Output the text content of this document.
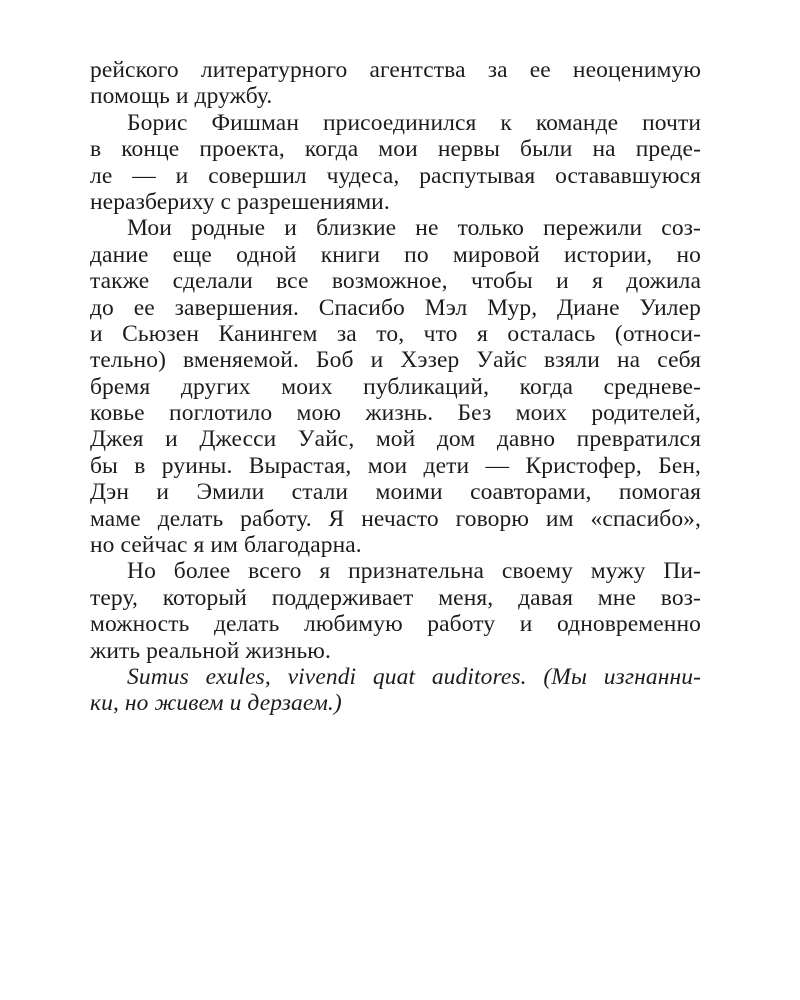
рейского литературного агентства за ее неоценимую
помощь и дружбу.
Борис Фишман присоединился к команде почти
в конце проекта, когда мои нервы были на преде-
ле — и совершил чудеса, распутывая остававшуюся
неразбериху с разрешениями.
Мои родные и близкие не только пережили соз-
дание еще одной книги по мировой истории, но
также сделали все возможное, чтобы и я дожила
до ее завершения. Спасибо Мэл Мур, Диане Уилер
и Сьюзен Канингем за то, что я осталась (относи-
тельно) вменяемой. Боб и Хэзер Уайс взяли на себя
бремя других моих публикаций, когда средневе-
ковье поглотило мою жизнь. Без моих родителей,
Джея и Джесси Уайс, мой дом давно превратился
бы в руины. Вырастая, мои дети — Кристофер, Бен,
Дэн и Эмили стали моими соавторами, помогая
маме делать работу. Я нечасто говорю им «спасибо»,
но сейчас я им благодарна.
Но более всего я признательна своему мужу Пи-
теру, который поддерживает меня, давая мне воз-
можность делать любимую работу и одновременно
жить реальной жизнью.
Sumus exules, vivendi quat auditores. (Мы изгнанни-
ки, но живем и дерзаем.)
